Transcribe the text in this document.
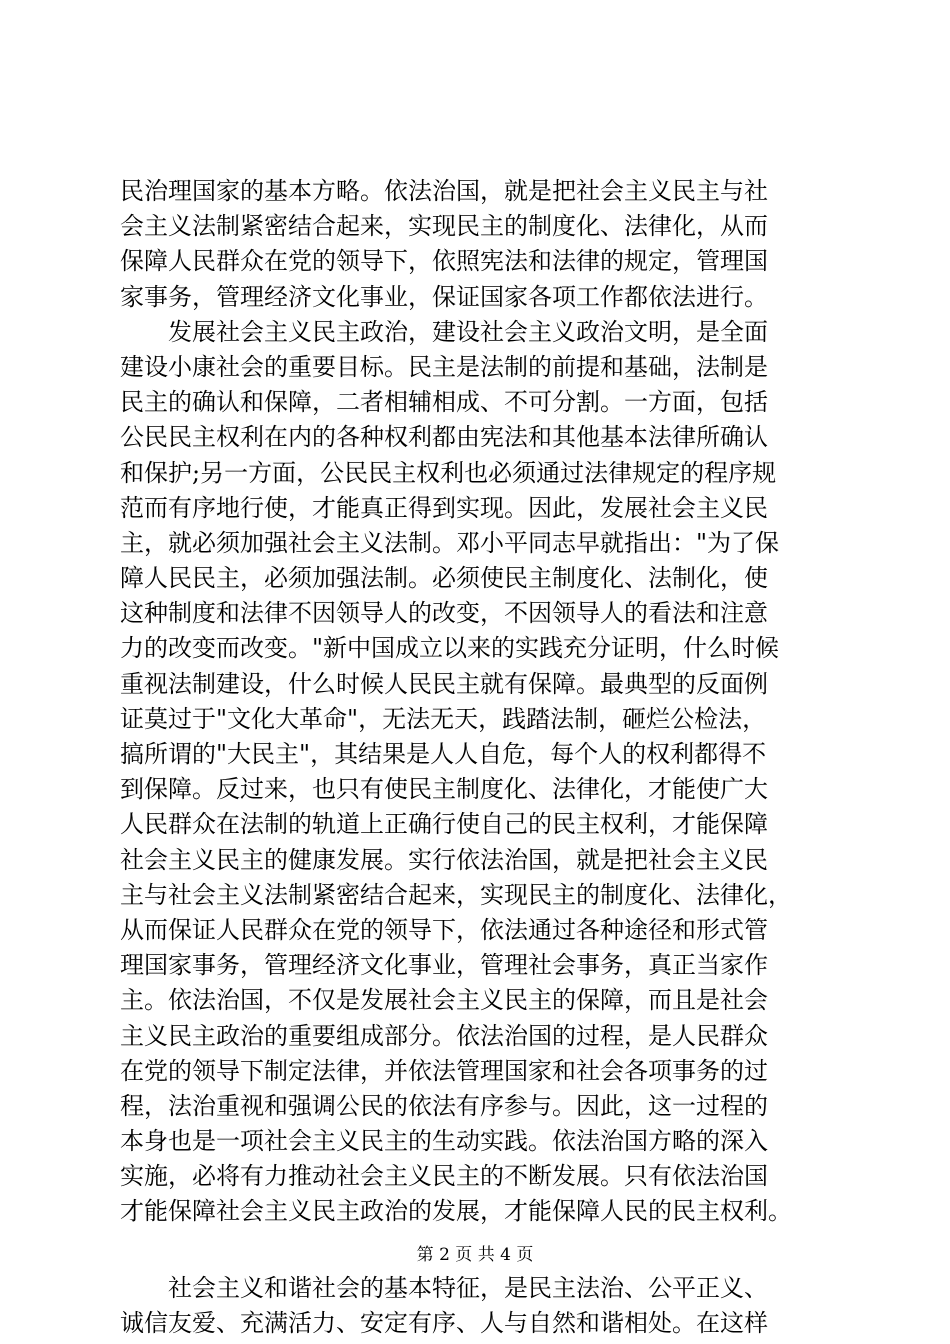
民治理国家的基本方略。依法治国，就是把社会主义民主与社
会主义法制紧密结合起来，实现民主的制度化、法律化，从而
保障人民群众在党的领导下，依照宪法和法律的规定，管理国
家事务，管理经济文化事业，保证国家各项工作都依法进行。
发展社会主义民主政治，建设社会主义政治文明，是全面
建设小康社会的重要目标。民主是法制的前提和基础，法制是
民主的确认和保障，二者相辅相成、不可分割。一方面，包括
公民民主权利在内的各种权利都由宪法和其他基本法律所确认
和保护;另一方面，公民民主权利也必须通过法律规定的程序规
范而有序地行使，才能真正得到实现。因此，发展社会主义民
主，就必须加强社会主义法制。邓小平同志早就指出："为了保
障人民民主，必须加强法制。必须使民主制度化、法制化，使
这种制度和法律不因领导人的改变，不因领导人的看法和注意
力的改变而改变。"新中国成立以来的实践充分证明，什么时候
重视法制建设，什么时候人民民主就有保障。最典型的反面例
证莫过于"文化大革命"，无法无天，践踏法制，砸烂公检法，
搞所谓的"大民主"，其结果是人人自危，每个人的权利都得不
到保障。反过来，也只有使民主制度化、法律化，才能使广大
人民群众在法制的轨道上正确行使自己的民主权利，才能保障
社会主义民主的健康发展。实行依法治国，就是把社会主义民
主与社会主义法制紧密结合起来，实现民主的制度化、法律化，
从而保证人民群众在党的领导下，依法通过各种途径和形式管
理国家事务，管理经济文化事业，管理社会事务，真正当家作
主。依法治国，不仅是发展社会主义民主的保障，而且是社会
主义民主政治的重要组成部分。依法治国的过程，是人民群众
在党的领导下制定法律，并依法管理国家和社会各项事务的过
程，法治重视和强调公民的依法有序参与。因此，这一过程的
本身也是一项社会主义民主的生动实践。依法治国方略的深入
实施，必将有力推动社会主义民主的不断发展。只有依法治国
才能保障社会主义民主政治的发展，才能保障人民的民主权利。
社会主义和谐社会的基本特征，是民主法治、公平正义、
诚信友爱、充满活力、安定有序、人与自然和谐相处。在这样
第 2 页 共 4 页
